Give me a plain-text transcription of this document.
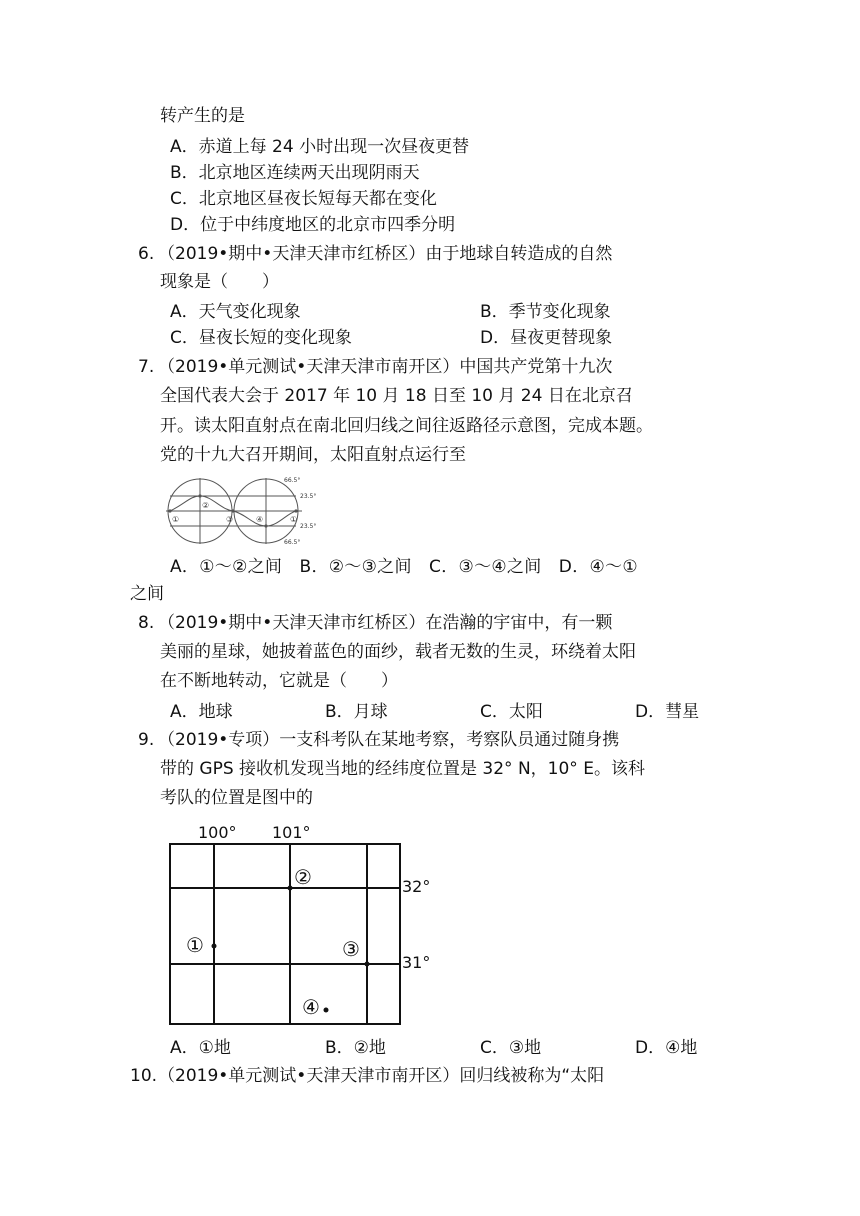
转产生的是
A．赤道上每 24 小时出现一次昼夜更替
B．北京地区连续两天出现阴雨天
C．北京地区昼夜长短每天都在变化
D．位于中纬度地区的北京市四季分明
6. （2019•期中•天津天津市红桥区）由于地球自转造成的自然
现象是（　　）
A．天气变化现象	B．季节变化现象
C．昼夜长短的变化现象	D．昼夜更替现象
7. （2019•单元测试•天津天津市南开区）中国共产党第十九次
全国代表大会于 2017 年 10 月 18 日至 10 月 24 日在北京召
开。读太阳直射点在南北回归线之间往返路径示意图，完成本题。
党的十九大召开期间，太阳直射点运行至
66.5°
23.5°
23.5°
66.5°
①
②
③	④	①
A．①～②之间　B．②～③之间　C．③～④之间　D．④～①
之间
8. （2019•期中•天津天津市红桥区）在浩瀚的宇宙中，有一颗
美丽的星球，她披着蓝色的面纱，载者无数的生灵，环绕着太阳
在不断地转动，它就是（　　）
A．地球	B．月球	C．太阳	D．彗星
9. （2019•专项）一支科考队在某地考察，考察队员通过随身携
带的 GPS 接收机发现当地的经纬度位置是 32° N，10° E。该科
考队的位置是图中的
100° 101°
32°
31°
①
②
③
④
A．①地	B．②地	C．③地	D．④地
10. （2019•单元测试•天津天津市南开区）回归线被称为“太阳
